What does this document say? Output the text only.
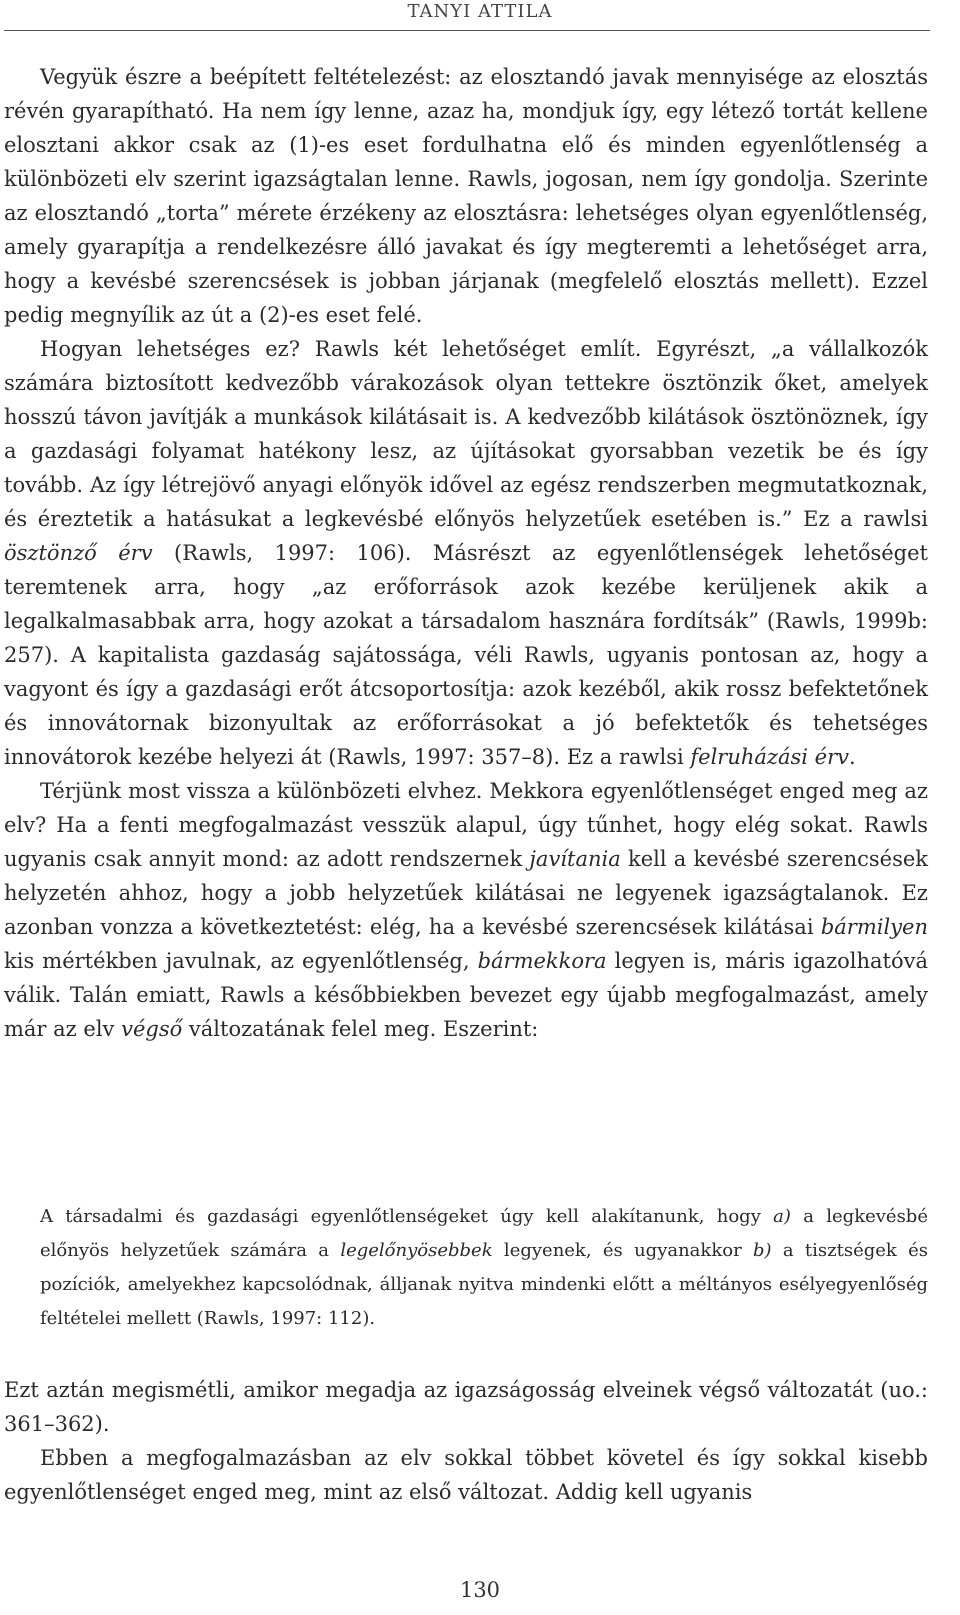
TANYI ATTILA

Vegyük észre a beépített feltételezést: az elosztandó javak mennyisége az elosztás révén gyarapítható. Ha nem így lenne, azaz ha, mondjuk így, egy létező tortát kellene elosztani akkor csak az (1)-es eset fordulhatna elő és minden egyenlőtlenség a különbözeti elv szerint igazságtalan lenne. Rawls, jogosan, nem így gondolja. Szerinte az elosztandó „torta” mérete érzékeny az elosztásra: lehetséges olyan egyenlőtlenség, amely gyarapítja a rendelkezésre álló javakat és így megteremti a lehetőséget arra, hogy a kevésbé szerencsések is jobban járjanak (megfelelő elosztás mellett). Ezzel pedig megnyílik az út a (2)-es eset felé.

Hogyan lehetséges ez? Rawls két lehetőséget említ. Egyrészt, „a vállalkozók számára biztosított kedvezőbb várakozások olyan tettekre ösztönzik őket, amelyek hosszú távon javítják a munkások kilátásait is. A kedvezőbb kilátások ösztönöznek, így a gazdasági folyamat hatékony lesz, az újításokat gyorsabban vezetik be és így tovább. Az így létrejövő anyagi előnyök idővel az egész rendszerben megmutatkoznak, és éreztetik a hatásukat a legkevésbé előnyös helyzetűek esetében is.” Ez a rawlsi ösztönző érv (Rawls, 1997: 106). Másrészt az egyenlőtlenségek lehetőséget teremtenek arra, hogy „az erőforrások azok kezébe kerüljenek akik a legalkalmasabbak arra, hogy azokat a társadalom hasznára fordítsák” (Rawls, 1999b: 257). A kapitalista gazdaság sajátossága, véli Rawls, ugyanis pontosan az, hogy a vagyont és így a gazdasági erőt átcsoportosítja: azok kezéből, akik rossz befektetőnek és innovátornak bizonyultak az erőforrásokat a jó befektetők és tehetséges innovátorok kezébe helyezi át (Rawls, 1997: 357–8). Ez a rawlsi felruházási érv.

Térjünk most vissza a különbözeti elvhez. Mekkora egyenlőtlenséget enged meg az elv? Ha a fenti megfogalmazást vesszük alapul, úgy tűnhet, hogy elég sokat. Rawls ugyanis csak annyit mond: az adott rendszernek javítania kell a kevésbé szerencsések helyzetén ahhoz, hogy a jobb helyzetűek kilátásai ne legyenek igazságtalanok. Ez azonban vonzza a következtetést: elég, ha a kevésbé szerencsések kilátásai bármilyen kis mértékben javulnak, az egyenlőtlenség, bármekkora legyen is, máris igazolhatóvá válik. Talán emiatt, Rawls a későbbiekben bevezet egy újabb megfogalmazást, amely már az elv végső változatának felel meg. Eszerint:

A társadalmi és gazdasági egyenlőtlenségeket úgy kell alakítanunk, hogy a) a legkevésbé előnyös helyzetűek számára a legelőnyösebbek legyenek, és ugyanakkor b) a tisztségek és pozíciók, amelyekhez kapcsolódnak, álljanak nyitva mindenki előtt a méltányos esélyegyenlőség feltételei mellett (Rawls, 1997: 112).

Ezt aztán megismétli, amikor megadja az igazságosság elveinek végső változatát (uo.: 361–362).

Ebben a megfogalmazásban az elv sokkal többet követel és így sokkal kisebb egyenlőtlenséget enged meg, mint az első változat. Addig kell ugyanis

130
